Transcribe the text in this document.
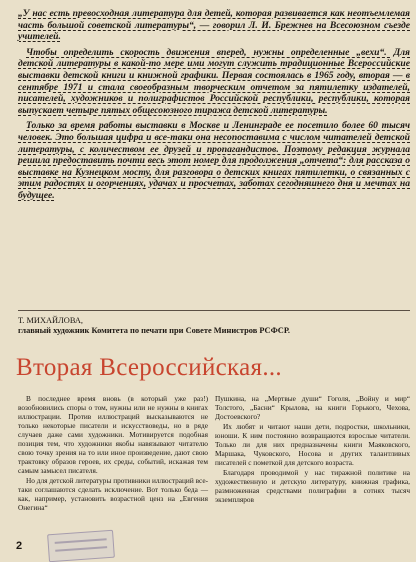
„У нас есть превосходная литература для детей, которая развивается как неотъемлемая часть большой советской литературы“, — говорил Л. И. Брежнев на Всесоюзном съезде учителей.

Чтобы определить скорость движения вперед, нужны определенные „вехи“. Для детской литературы в какой-то мере ими могут служить традиционные Всероссийские выставки детской книги и книжной графики. Первая состоялась в 1965 году, вторая — в сентябре 1971 и стала своеобразным творческим отчетом за пятилетку издателей, писателей, художников и полиграфистов Российской республики, республики, которая выпускает четыре пятых общесоюзного тиража детской литературы.

Только за время работы выставки в Москве и Ленинграде ее посетило более 60 тысяч человек. Это большая цифра и все-таки она несопоставима с числом читателей детской литературы, с количеством ее друзей и пропагандистов. Поэтому редакция журнала решила предоставить почти весь этот номер для продолжения „отчета“: для рассказа о выставке на Кузнецком мосту, для разговора о детских книгах пятилетки, о связанных с этим радостях и огорчениях, удачах и просчетах, заботах сегодняшнего дня и мечтах на будущее.

Т. МИХАЙЛОВА,
главный художник Комитета по печати при Совете Министров РСФСР.
Вторая Всероссийская...

В последнее время вновь (в который уже раз!) возобновились споры о том, нужны или не нужны в книгах иллюстрации. Против иллюстраций высказываются не только некоторые писатели и искусствоведы, но в ряде случаев даже сами художники. Мотивируется подобная позиция тем, что художники якобы навязывают читателю свою точку зрения на то или иное произведение, дают свою трактовку образов героев, их среды, событий, искажая тем самым замысел писателя.

Но для детской литературы противники иллюстраций все-таки соглашаются сделать исключение. Вот только беда — как, например, установить возрастной ценз на „Евгения Онегина“

Пушкина, на „Мертвые души“ Гоголя, „Войну и мир“ Толстого, „Басни“ Крылова, на книги Горького, Чехова, Достоевского?

Их любят и читают наши дети, подростки, школьники, юноши. К ним постоянно возвращаются взрослые читатели. Только ли для них предназначены книги Маяковского, Маршака, Чуковского, Носова и других талантливых писателей с пометкой для детского возраста.

Благодаря проводимой у нас тиражной политике на художественную и детскую литературу, книжная графика, размноженная средствами полиграфии в сотнях тысяч экземпляров

2
